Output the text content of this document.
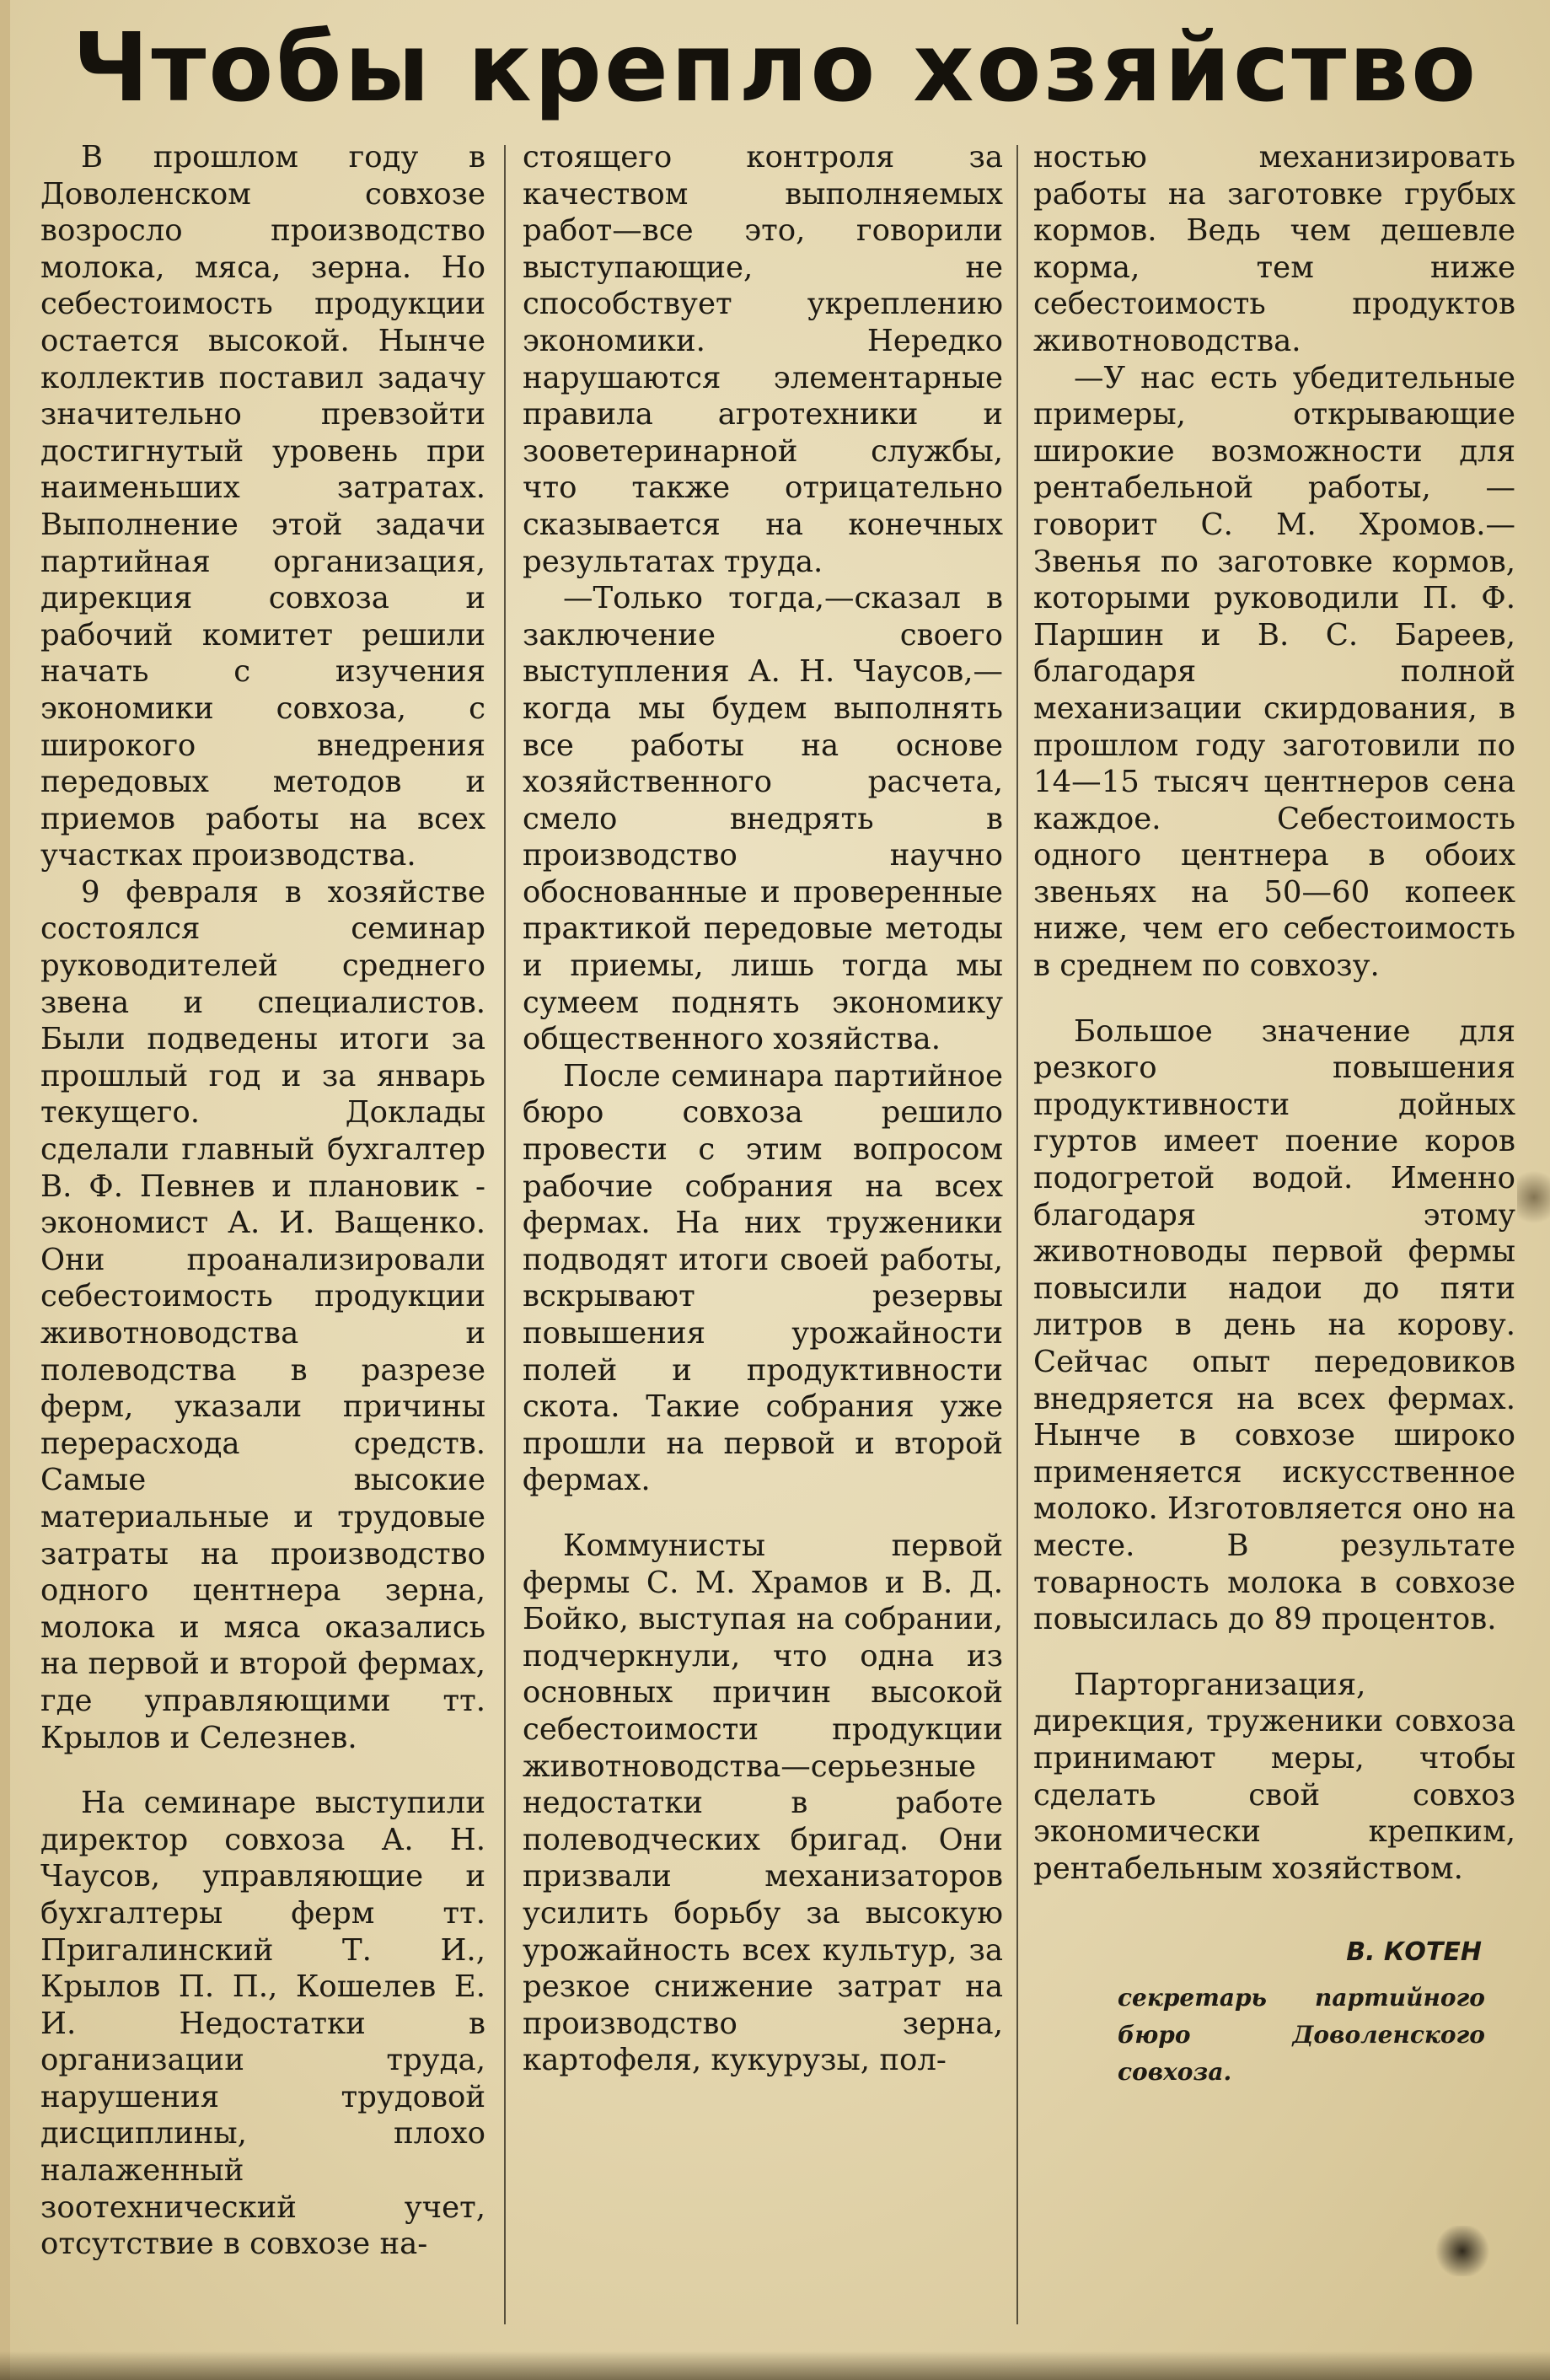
Чтобы крепло хозяйство

В прошлом году в Доволенском совхозе возросло производство молока, мяса, зерна. Но себестоимость продукции остается высокой. Нынче коллектив поставил задачу значительно превзойти достигнутый уровень при наименьших затратах. Выполнение этой задачи партийная организация, дирекция совхоза и рабочий комитет решили начать с изучения экономики совхоза, с широкого внедрения передовых методов и приемов работы на всех участках производства.

9 февраля в хозяйстве состоялся семинар руководителей среднего звена и специалистов. Были подведены итоги за прошлый год и за январь текущего. Доклады сделали главный бухгалтер В. Ф. Певнев и плановик - экономист А. И. Ващенко. Они проанализировали себестоимость продукции животноводства и полеводства в разрезе ферм, указали причины перерасхода средств. Самые высокие материальные и трудовые затраты на производство одного центнера зерна, молока и мяса оказались на первой и второй фермах, где управляющими тт. Крылов и Селезнев.

На семинаре выступили директор совхоза А. Н. Чаусов, управляющие и бухгалтеры ферм тт. Пригалинский Т. И., Крылов П. П., Кошелев Е. И. Недостатки в организации труда, нарушения трудовой дисциплины, плохо налаженный зоотехнический учет, отсутствие в совхозе на-

стоящего контроля за качеством выполняемых работ—все это, говорили выступающие, не способствует укреплению экономики. Нередко нарушаются элементарные правила агротехники и зооветеринарной службы, что также отрицательно сказывается на конечных результатах труда.

—Только тогда,—сказал в заключение своего выступления А. Н. Чаусов,—когда мы будем выполнять все работы на основе хозяйственного расчета, смело внедрять в производство научно обоснованные и проверенные практикой передовые методы и приемы, лишь тогда мы сумеем поднять экономику общественного хозяйства.

После семинара партийное бюро совхоза решило провести с этим вопросом рабочие собрания на всех фермах. На них труженики подводят итоги своей работы, вскрывают резервы повышения урожайности полей и продуктивности скота. Такие собрания уже прошли на первой и второй фермах.

Коммунисты первой фермы С. М. Храмов и В. Д. Бойко, выступая на собрании, подчеркнули, что одна из основных причин высокой себестоимости продукции животноводства—серьезные недостатки в работе полеводческих бригад. Они призвали механизаторов усилить борьбу за высокую урожайность всех культур, за резкое снижение затрат на производство зерна, картофеля, кукурузы, пол-

ностью механизировать работы на заготовке грубых кормов. Ведь чем дешевле корма, тем ниже себестоимость продуктов животноводства.

—У нас есть убедительные примеры, открывающие широкие возможности для рентабельной работы, — говорит С. М. Хромов.—Звенья по заготовке кормов, которыми руководили П. Ф. Паршин и В. С. Бареев, благодаря полной механизации скирдования, в прошлом году заготовили по 14—15 тысяч центнеров сена каждое. Себестоимость одного центнера в обоих звеньях на 50—60 копеек ниже, чем его себестоимость в среднем по совхозу.

Большое значение для резкого повышения продуктивности дойных гуртов имеет поение коров подогретой водой. Именно благодаря этому животноводы первой фермы повысили надои до пяти литров в день на корову. Сейчас опыт передовиков внедряется на всех фермах. Нынче в совхозе широко применяется искусственное молоко. Изготовляется оно на месте. В результате товарность молока в совхозе повысилась до 89 процентов.

Парторганизация, дирекция, труженики совхоза принимают меры, чтобы сделать свой совхоз экономически крепким, рентабельным хозяйством.

В. КОТЕН
секретарь партийного бюро Доволенского совхоза.
